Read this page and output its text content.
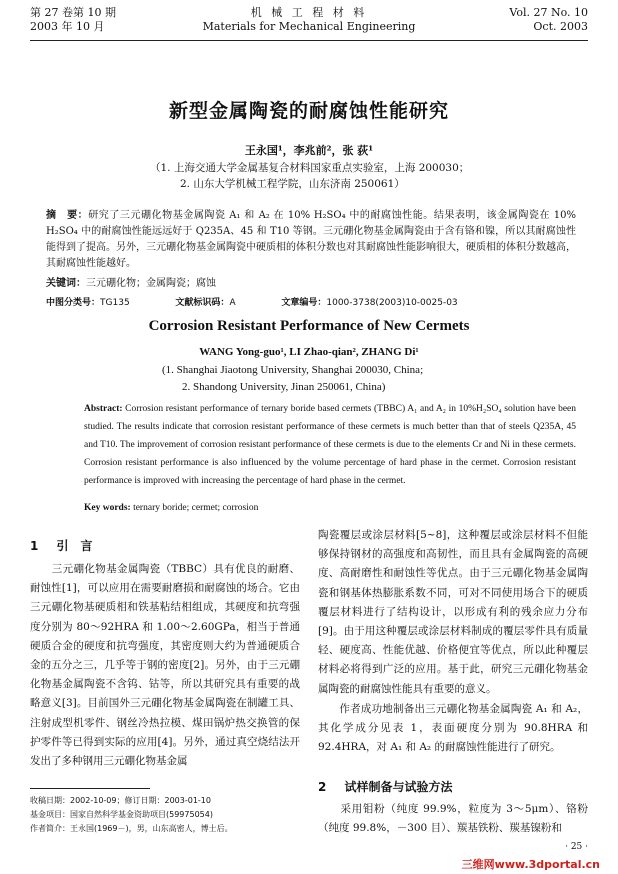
第 27 卷第 10 期
2003 年 10 月
机 械 工 程 材 料
Materials for Mechanical Engineering
Vol. 27 No. 10
Oct. 2003
新型金属陶瓷的耐腐蚀性能研究
王永国¹，李兆前²，张 荻¹
（1. 上海交通大学金属基复合材料国家重点实验室，上海 200030；
2. 山东大学机械工程学院，山东济南 250061）
摘　要：研究了三元硼化物基金属陶瓷 A₁ 和 A₂ 在 10% H₂SO₄ 中的耐腐蚀性能。结果表明，该金属陶瓷在 10% H₂SO₄ 中的耐腐蚀性能远远好于 Q235A、45 和 T10 等钢。三元硼化物基金属陶瓷由于含有铬和镍，所以其耐腐蚀性能得到了提高。另外，三元硼化物基金属陶瓷中硬质相的体积分数也对其耐腐蚀性能影响很大，硬质相的体积分数越高，其耐腐蚀性能越好。
关键词：三元硼化物；金属陶瓷；腐蚀
中图分类号：TG135	文献标识码：A	文章编号：1000-3738(2003)10-0025-03
Corrosion Resistant Performance of New Cermets
WANG Yong-guo¹, LI Zhao-qian², ZHANG Di¹
(1. Shanghai Jiaotong University, Shanghai 200030, China;
2. Shandong University, Jinan 250061, China)
Abstract: Corrosion resistant performance of ternary boride based cermets (TBBC) A₁ and A₂ in 10%H₂SO₄ solution have been studied. The results indicate that corrosion resistant performance of these cermets is much better than that of steels Q235A, 45 and T10. The improvement of corrosion resistant performance of these cermets is due to the elements Cr and Ni in these cermets. Corrosion resistant performance is also influenced by the volume percentage of hard phase in the cermet. Corrosion resistant performance is improved with increasing the percentage of hard phase in the cermet.
Key words: ternary boride; cermet; corrosion
1 引　言
　　三元硼化物基金属陶瓷（TBBC）具有优良的耐磨、耐蚀性[1]，可以应用在需要耐磨损和耐腐蚀的场合。它由三元硼化物基硬质相和铁基粘结相组成，其硬度和抗弯强度分别为 80～92HRA 和 1.00～2.60GPa，相当于普通硬质合金的硬度和抗弯强度，其密度则大约为普通硬质合金的五分之三，几乎等于钢的密度[2]。另外，由于三元硼化物基金属陶瓷不含钨、钴等，所以其研究具有重要的战略意义[3]。目前国外三元硼化物基金属陶瓷在制罐工具、注射成型机零件、钢丝冷热拉模、煤田锅炉热交换管的保护零件等已得到实际的应用[4]。另外，通过真空烧结法开发出了多种钢用三元硼化物基金属
收稿日期：2002-10-09；修订日期：2003-01-10
基金项目：国家自然科学基金资助项目(59975054)
作者简介：王永国(1969－)，男，山东高密人，博士后。
陶瓷覆层或涂层材料[5~8]，这种覆层或涂层材料不但能够保持钢材的高强度和高韧性，而且具有金属陶瓷的高硬度、高耐磨性和耐蚀性等优点。由于三元硼化物基金属陶瓷和钢基体热膨胀系数不同，可对不同使用场合下的硬质覆层材料进行了结构设计，以形成有利的残余应力分布[9]。由于用这种覆层或涂层材料制成的覆层零件具有质量轻、硬度高、性能优越、价格便宜等优点，所以此种覆层材料必将得到广泛的应用。基于此，研究三元硼化物基金属陶瓷的耐腐蚀性能具有重要的意义。
　　作者成功地制备出三元硼化物基金属陶瓷 A₁ 和 A₂，其化学成分见表 1，表面硬度分别为 90.8HRA 和 92.4HRA，对 A₁ 和 A₂ 的耐腐蚀性能进行了研究。
2 试样制备与试验方法
　　采用钼粉（纯度 99.9%，粒度为 3～5μm）、铬粉（纯度 99.8%，－300 目）、羰基铁粉、羰基镍粉和
· 25 ·
三维网www.3dportal.cn
